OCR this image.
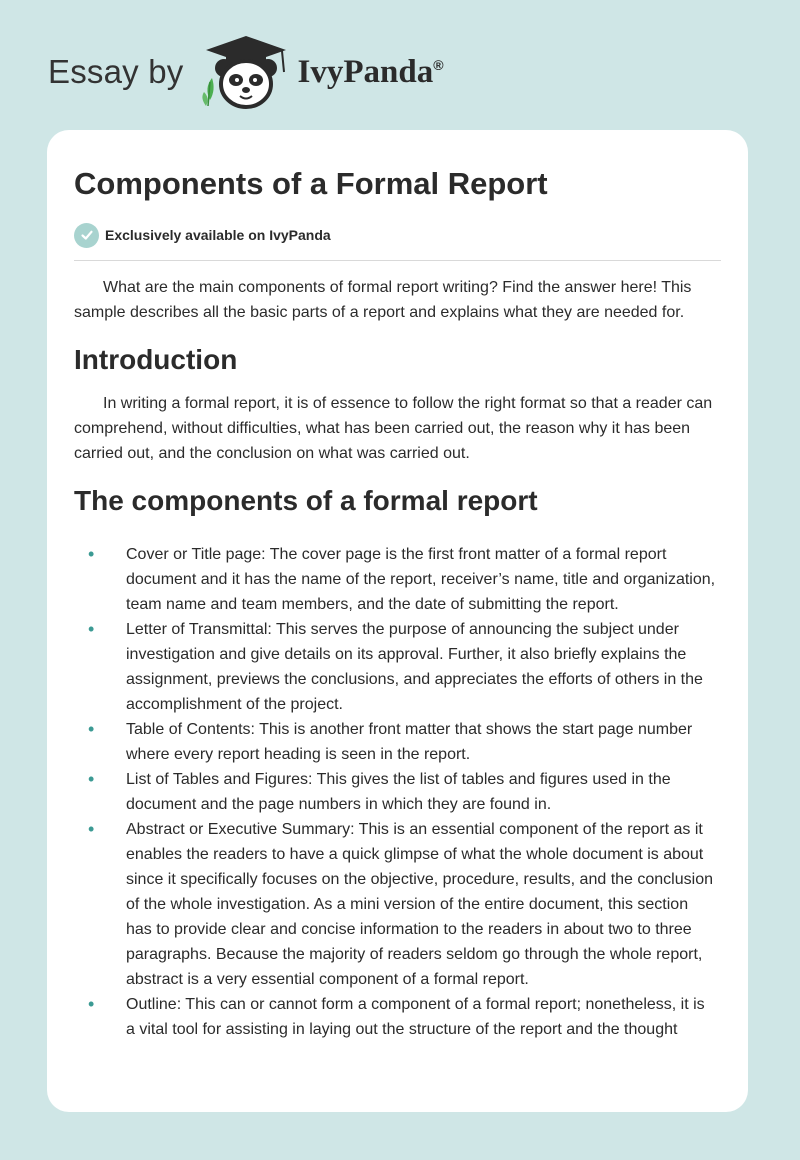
Essay by	IvyPanda®
Components of a Formal Report
Exclusively available on IvyPanda

What are the main components of formal report writing? Find the answer here! This sample describes all the basic parts of a report and explains what they are needed for.

Introduction

In writing a formal report, it is of essence to follow the right format so that a reader can comprehend, without difficulties, what has been carried out, the reason why it has been carried out, and the conclusion on what was carried out.

The components of a formal report
• Cover or Title page: The cover page is the first front matter of a formal report document and it has the name of the report, receiver’s name, title and organization, team name and team members, and the date of submitting the report.
• Letter of Transmittal: This serves the purpose of announcing the subject under investigation and give details on its approval. Further, it also briefly explains the assignment, previews the conclusions, and appreciates the efforts of others in the accomplishment of the project.
• Table of Contents: This is another front matter that shows the start page number where every report heading is seen in the report.
• List of Tables and Figures: This gives the list of tables and figures used in the document and the page numbers in which they are found in.
• Abstract or Executive Summary: This is an essential component of the report as it enables the readers to have a quick glimpse of what the whole document is about since it specifically focuses on the objective, procedure, results, and the conclusion of the whole investigation. As a mini version of the entire document, this section has to provide clear and concise information to the readers in about two to three paragraphs. Because the majority of readers seldom go through the whole report, abstract is a very essential component of a formal report.
• Outline: This can or cannot form a component of a formal report; nonetheless, it is a vital tool for assisting in laying out the structure of the report and the thought
